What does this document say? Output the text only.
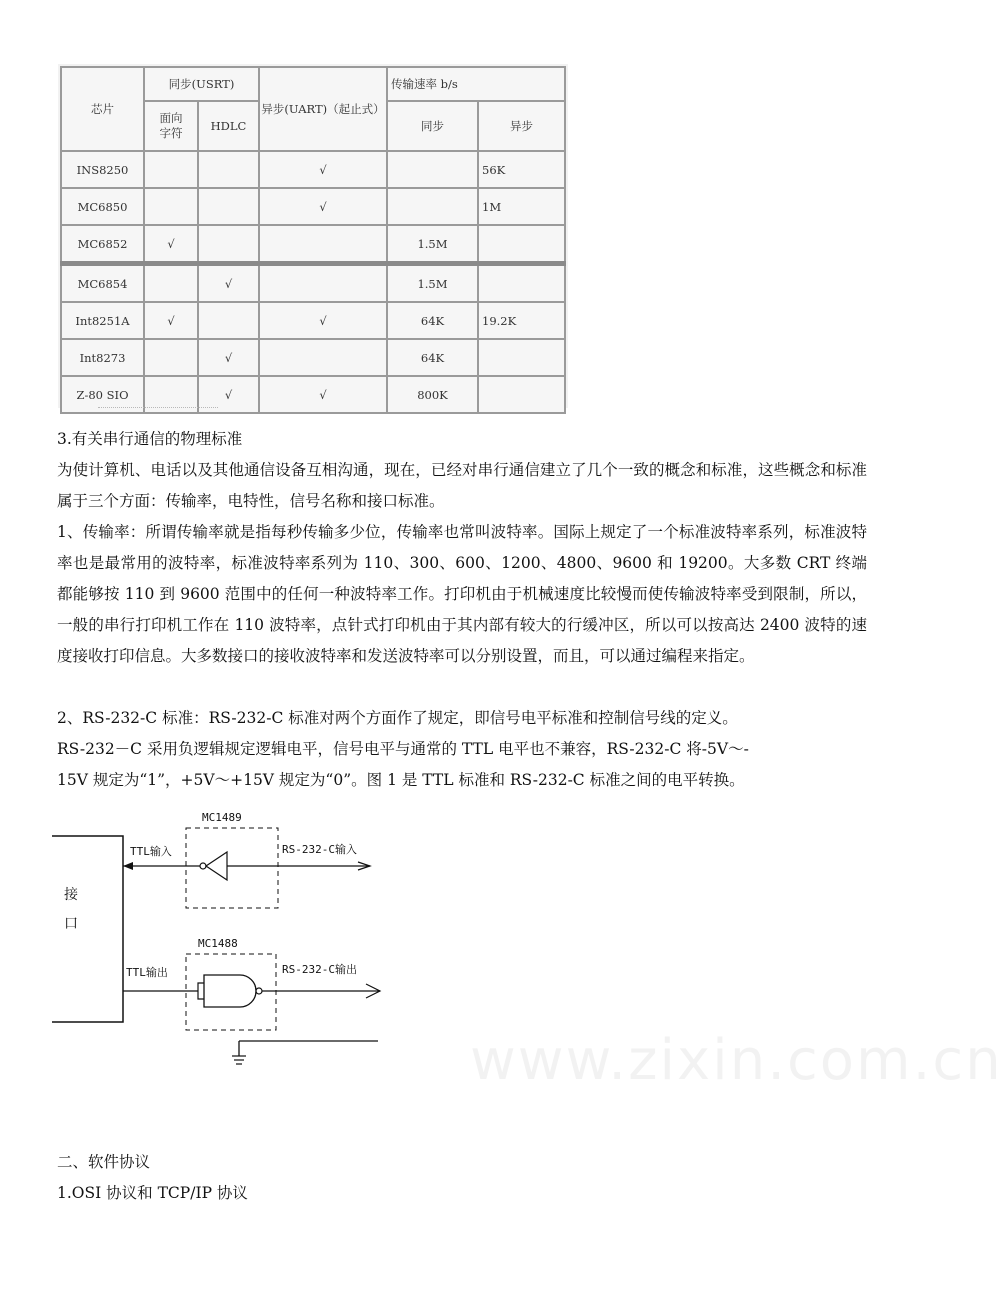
芯片	同步(USRT)		异步(UART)（起止式）	传输速率 b/s	
	面向字符	HDLC		同步	异步
INS8250			√		56K
MC6850			√		1M
MC6852	√			1.5M	
MC6854		√		1.5M	
Int8251A	√		√	64K	19.2K
Int8273		√		64K	
Z-80 SIO		√	√	800K	

3.有关串行通信的物理标准

为使计算机、电话以及其他通信设备互相沟通，现在，已经对串行通信建立了几个一致的概念和标准，这些概念和标准属于三个方面：传输率，电特性，信号名称和接口标准。

1、传输率：所谓传输率就是指每秒传输多少位，传输率也常叫波特率。国际上规定了一个标准波特率系列，标准波特率也是最常用的波特率，标准波特率系列为 110、300、600、1200、4800、9600 和 19200。大多数 CRT 终端都能够按 110 到 9600 范围中的任何一种波特率工作。打印机由于机械速度比较慢而使传输波特率受到限制，所以，一般的串行打印机工作在 110 波特率，点针式打印机由于其内部有较大的行缓冲区，所以可以按高达 2400 波特的速度接收打印信息。大多数接口的接收波特率和发送波特率可以分别设置，而且，可以通过编程来指定。

2、RS-232-C 标准：RS-232-C 标准对两个方面作了规定，即信号电平标准和控制信号线的定义。

RS-232－C 采用负逻辑规定逻辑电平，信号电平与通常的 TTL 电平也不兼容，RS-232-C 将-5V～-

15V 规定为“1”，+5V～+15V 规定为“0”。图 1 是 TTL 标准和 RS-232-C 标准之间的电平转换。

接
口
MC1489
TTL输入	RS-232-C输入
MC1488
TTL输出	RS-232-C输出
www.zixin.com.cn

二、软件协议

1.OSI 协议和 TCP/IP 协议
